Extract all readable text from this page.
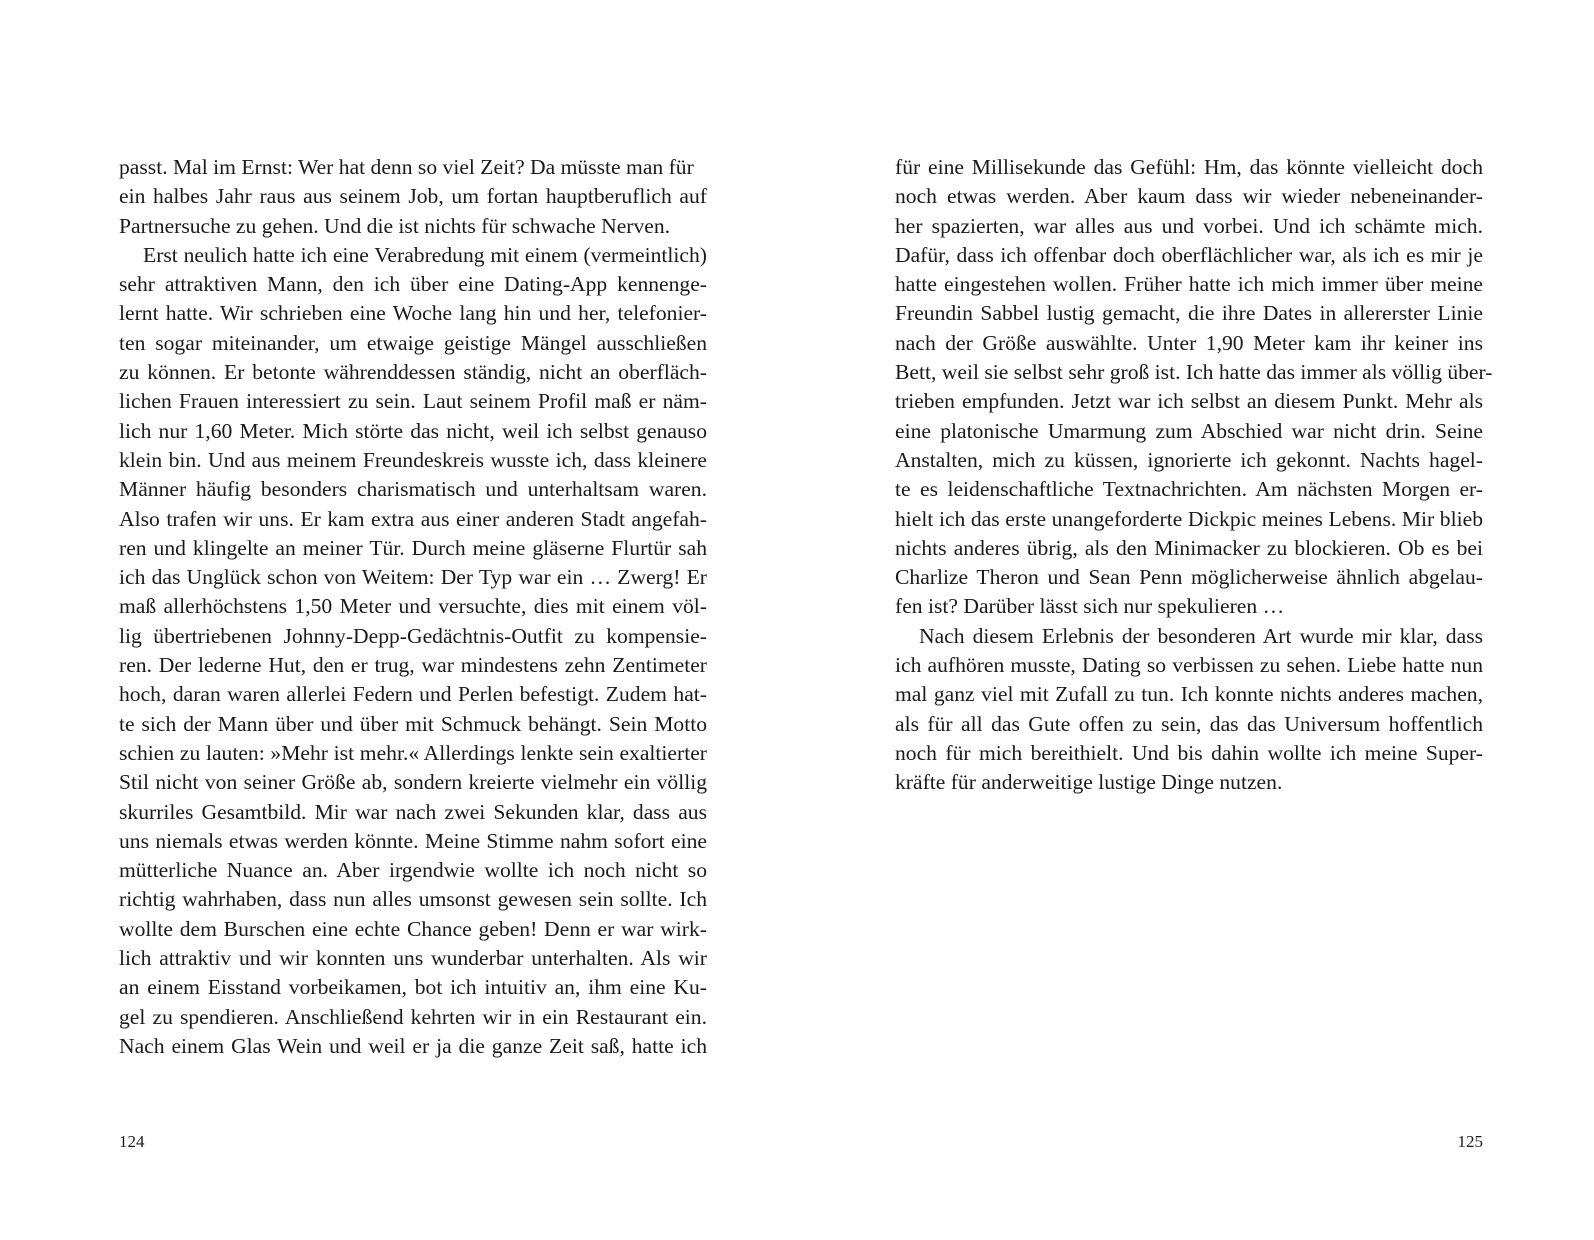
passt. Mal im Ernst: Wer hat denn so viel Zeit? Da müsste man für
ein halbes Jahr raus aus seinem Job, um fortan hauptberuflich auf
Partnersuche zu gehen. Und die ist nichts für schwache Nerven.
Erst neulich hatte ich eine Verabredung mit einem (vermeintlich)
sehr attraktiven Mann, den ich über eine Dating-App kennenge-
lernt hatte. Wir schrieben eine Woche lang hin und her, telefonier-
ten sogar miteinander, um etwaige geistige Mängel ausschließen
zu können. Er betonte währenddessen ständig, nicht an oberfläch-
lichen Frauen interessiert zu sein. Laut seinem Profil maß er näm-
lich nur 1,60 Meter. Mich störte das nicht, weil ich selbst genauso
klein bin. Und aus meinem Freundeskreis wusste ich, dass kleinere
Männer häufig besonders charismatisch und unterhaltsam waren.
Also trafen wir uns. Er kam extra aus einer anderen Stadt angefah-
ren und klingelte an meiner Tür. Durch meine gläserne Flurtür sah
ich das Unglück schon von Weitem: Der Typ war ein … Zwerg! Er
maß allerhöchstens 1,50 Meter und versuchte, dies mit einem völ-
lig übertriebenen Johnny-Depp-Gedächtnis-Outfit zu kompensie-
ren. Der lederne Hut, den er trug, war mindestens zehn Zentimeter
hoch, daran waren allerlei Federn und Perlen befestigt. Zudem hat-
te sich der Mann über und über mit Schmuck behängt. Sein Motto
schien zu lauten: »Mehr ist mehr.« Allerdings lenkte sein exaltierter
Stil nicht von seiner Größe ab, sondern kreierte vielmehr ein völlig
skurriles Gesamtbild. Mir war nach zwei Sekunden klar, dass aus
uns niemals etwas werden könnte. Meine Stimme nahm sofort eine
mütterliche Nuance an. Aber irgendwie wollte ich noch nicht so
richtig wahrhaben, dass nun alles umsonst gewesen sein sollte. Ich
wollte dem Burschen eine echte Chance geben! Denn er war wirk-
lich attraktiv und wir konnten uns wunderbar unterhalten. Als wir
an einem Eisstand vorbeikamen, bot ich intuitiv an, ihm eine Ku-
gel zu spendieren. Anschließend kehrten wir in ein Restaurant ein.
Nach einem Glas Wein und weil er ja die ganze Zeit saß, hatte ich
124
für eine Millisekunde das Gefühl: Hm, das könnte vielleicht doch
noch etwas werden. Aber kaum dass wir wieder nebeneinander-
her spazierten, war alles aus und vorbei. Und ich schämte mich.
Dafür, dass ich offenbar doch oberflächlicher war, als ich es mir je
hatte eingestehen wollen. Früher hatte ich mich immer über meine
Freundin Sabbel lustig gemacht, die ihre Dates in allererster Linie
nach der Größe auswählte. Unter 1,90 Meter kam ihr keiner ins
Bett, weil sie selbst sehr groß ist. Ich hatte das immer als völlig über-
trieben empfunden. Jetzt war ich selbst an diesem Punkt. Mehr als
eine platonische Umarmung zum Abschied war nicht drin. Seine
Anstalten, mich zu küssen, ignorierte ich gekonnt. Nachts hagel-
te es leidenschaftliche Textnachrichten. Am nächsten Morgen er-
hielt ich das erste unangeforderte Dickpic meines Lebens. Mir blieb
nichts anderes übrig, als den Minimacker zu blockieren. Ob es bei
Charlize Theron und Sean Penn möglicherweise ähnlich abgelau-
fen ist? Darüber lässt sich nur spekulieren …
Nach diesem Erlebnis der besonderen Art wurde mir klar, dass
ich aufhören musste, Dating so verbissen zu sehen. Liebe hatte nun
mal ganz viel mit Zufall zu tun. Ich konnte nichts anderes machen,
als für all das Gute offen zu sein, das das Universum hoffentlich
noch für mich bereithielt. Und bis dahin wollte ich meine Super-
kräfte für anderweitige lustige Dinge nutzen.
125
